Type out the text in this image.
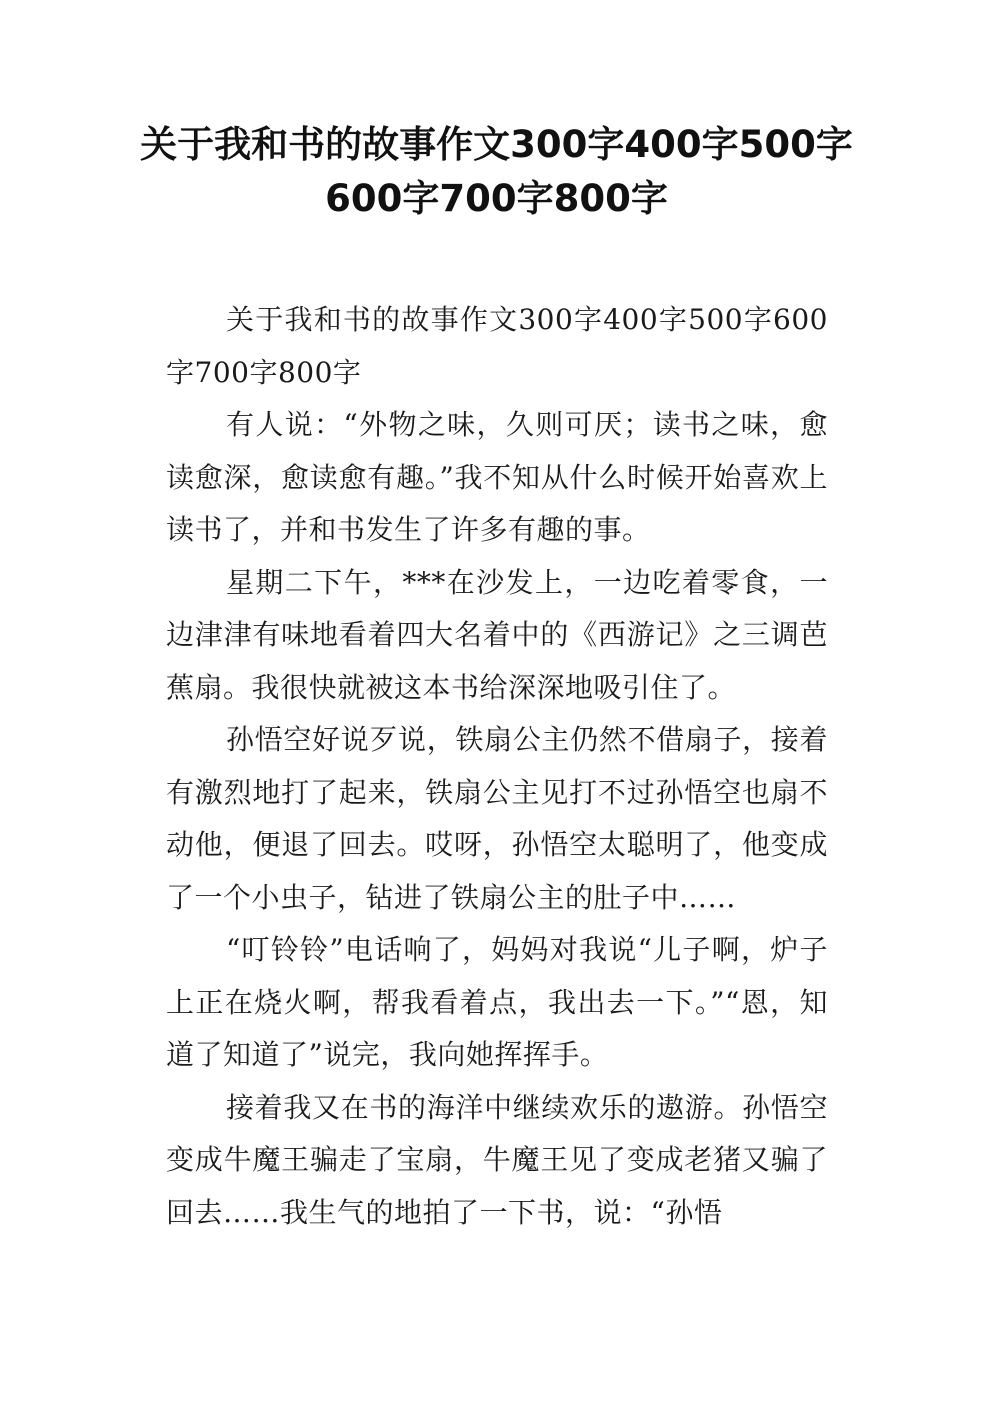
关于我和书的故事作文300字400字500字600字700字800字

关于我和书的故事作文300字400字500字600字700字800字

有人说：“外物之味，久则可厌；读书之味，愈读愈深，愈读愈有趣。”我不知从什么时候开始喜欢上读书了，并和书发生了许多有趣的事。

星期二下午，***在沙发上，一边吃着零食，一边津津有味地看着四大名着中的《西游记》之三调芭蕉扇。我很快就被这本书给深深地吸引住了。

孙悟空好说歹说，铁扇公主仍然不借扇子，接着有激烈地打了起来，铁扇公主见打不过孙悟空也扇不动他，便退了回去。哎呀，孙悟空太聪明了，他变成了一个小虫子，钻进了铁扇公主的肚子中……

“叮铃铃”电话响了，妈妈对我说“儿子啊，炉子上正在烧火啊，帮我看着点，我出去一下。”“恩，知道了知道了”说完，我向她挥挥手。

接着我又在书的海洋中继续欢乐的遨游。孙悟空变成牛魔王骗走了宝扇，牛魔王见了变成老猪又骗了回去……我生气的地拍了一下书，说：“孙悟
